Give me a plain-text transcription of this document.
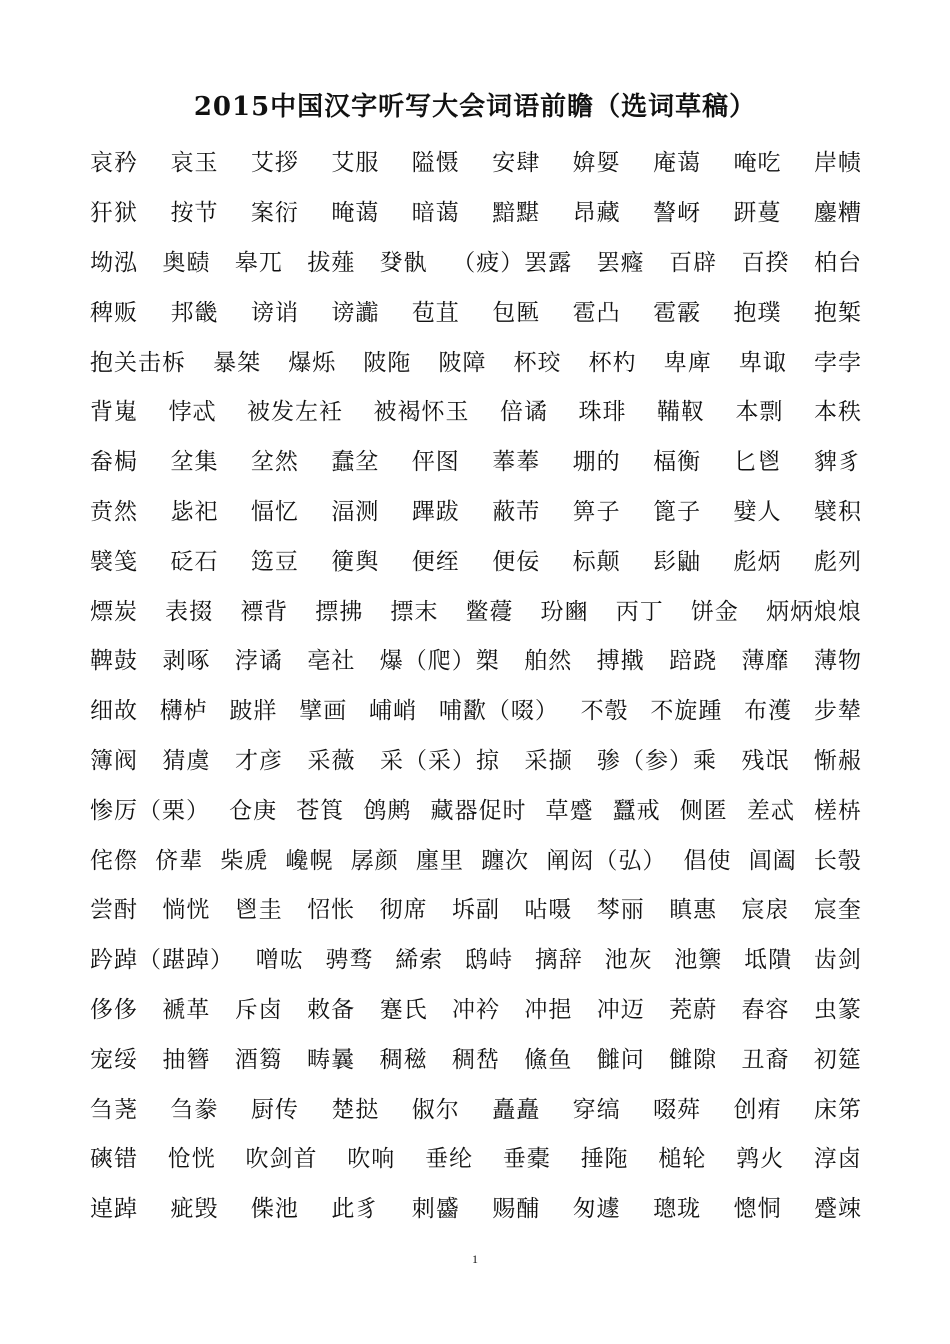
2015中国汉字听写大会词语前瞻（选词草稿）
哀矜 哀玉 艾拶 艾服 隘慑 安肆 媕娿 庵蔼 唵吃 岸帻
犴狱 按节 案衍 晻蔼 暗蔼 黯黮 昂藏 謷岈 趼蔓 鏖糟
坳泓 奥赜 皋兀 拔薤 癹骫 （疲）罢露 罢癃 百辟 百揆 柏台
稗贩 邦畿 谤诮 谤讟 苞苴 包匦 雹凸 雹霰 抱璞 抱椠
抱关击柝 暴桀 爆烁 陂陁 陂障 杯珓 杯杓 卑庳 卑诹 孛孛
背嵬 悖忒 被发左衽 被褐怀玉 倍谲 珠琲 鞴靫 本剽 本秩
畚梮 坌集 坌然 蠢坌 伻图 菶菶 堋的 楅衡 匕鬯 貏豸
贲然 毖祀 愊忆 湢测 蹕跋 蔽芾 箅子 篦子 嬖人 襞积
襞笺 砭石 笾豆 箯舆 便绖 便佞 标颠 髟鼬 彪炳 彪列
熛炭 表掇 褾背 摽拂 摽末 鳖蘉 玢豳 丙丁 饼金 炳炳烺烺
鞞鼓 剥啄 浡谲 亳社 爆（爬）槊 舶然 搏撠 踣跷 薄靡 薄物
细故 欂栌 跛牂 擘画 峬峭 哺歠（啜） 不彀 不旋踵 布濩 步辇
簿阀 猜虞 才彦 采薇 采（采）掠 采撷 骖（参）乘 残氓 惭赧
惨厉（栗） 仓庚 苍筤 鸧鹒 藏器促时 草蹙 蠶戒 侧匿 差忒 槎枿
侘傺 侪辈 柴虒 巉幌 孱颜 廛里 躔次 阐闳（弘） 倡使 阊阖 长彀
尝酎 惝恍 鬯圭 怊怅 彻席 坼副 呫嗫 棽丽 瞋惠 宸扆 宸奎
趻踔（踸踔） 噌吰 骋骛 絺索 鸱峙 摛辞 池灰 池籞 坻隤 齿剑
侈侈 褫革 斥卤 敕备 蹇氏 冲衿 冲挹 冲迈 茺蔚 舂容 虫篆
宠绥 抽簪 酒篘 畴曩 稠稵 稠嵆 鯈鱼 雠问 雠隙 丑裔 初筵
刍荛 刍豢 厨传 楚挞 俶尔 矗矗 穿缟 啜荈 创痏 床笫
磢错 怆恍 吹剑首 吹响 垂纶 垂橐 捶陁 槌轮 鹑火 淳卤
逴踔 疵毁 偨池 此豸 刺䶠 赐酺 匆遽 璁珑 憁恫 蹙竦
1
